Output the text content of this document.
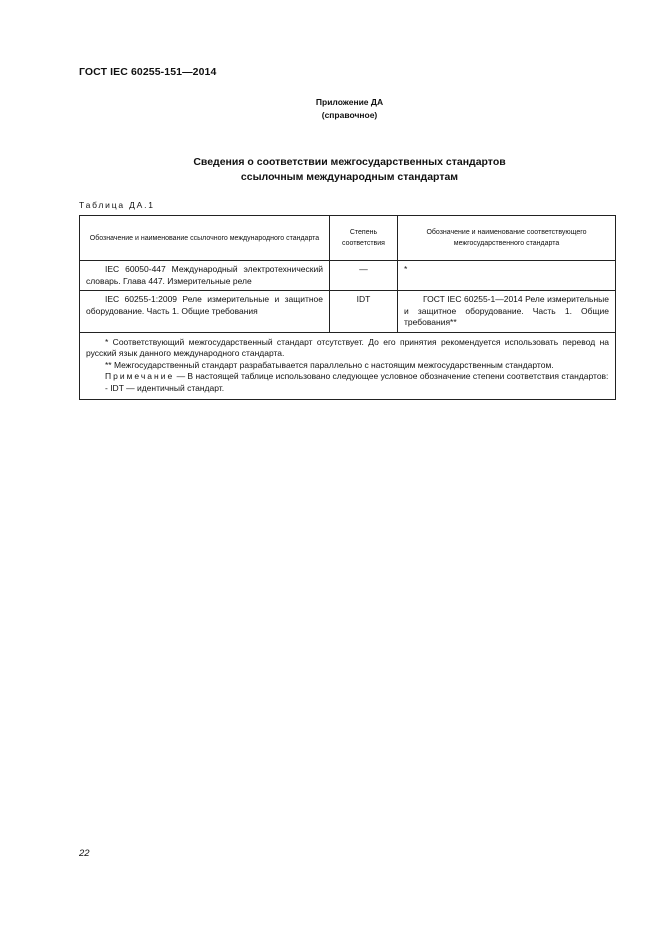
ГОСТ IEC 60255-151—2014
Приложение ДА
(справочное)
Сведения о соответствии межгосударственных стандартов
ссылочным международным стандартам
Таблица ДА.1
Обозначение и наименование ссылочного международного стандарта	Степень соответствия	Обозначение и наименование соответствующего межгосударственного стандарта
IEC 60050-447 Международный электротехнический словарь. Глава 447. Измерительные реле	—	*
IEC 60255-1:2009 Реле измерительные и защитное оборудование. Часть 1. Общие требования	IDT	ГОСТ IEC 60255-1—2014 Реле измерительные и защитное оборудование. Часть 1. Общие требования**

* Соответствующий межгосударственный стандарт отсутствует. До его принятия рекомендуется использовать перевод на русский язык данного международного стандарта.

** Межгосударственный стандарт разрабатывается параллельно с настоящим межгосударственным стандартом.

Примечание — В настоящей таблице использовано следующее условное обозначение степени соответствия стандартов:

- IDT — идентичный стандарт.		

22
